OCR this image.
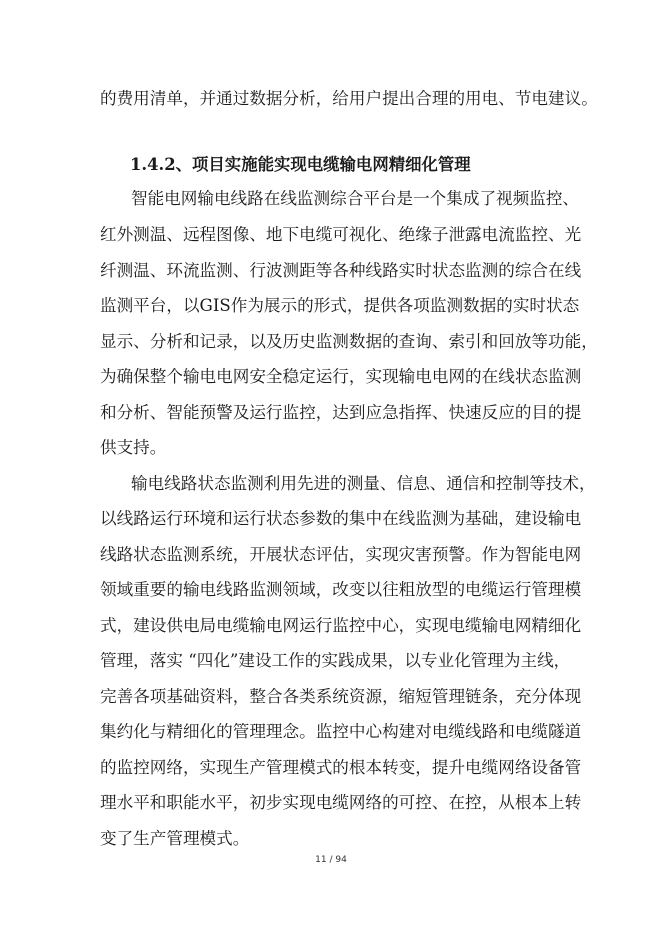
的费用清单，并通过数据分析，给用户提出合理的用电、节电建议。
1.4.2、项目实施能实现电缆输电网精细化管理
智能电网输电线路在线监测综合平台是一个集成了视频监控、
红外测温、远程图像、地下电缆可视化、绝缘子泄露电流监控、光
纤测温、环流监测、行波测距等各种线路实时状态监测的综合在线
监测平台，以GIS作为展示的形式，提供各项监测数据的实时状态
显示、分析和记录，以及历史监测数据的查询、索引和回放等功能，
为确保整个输电电网安全稳定运行，实现输电电网的在线状态监测
和分析、智能预警及运行监控，达到应急指挥、快速反应的目的提
供支持。
输电线路状态监测利用先进的测量、信息、通信和控制等技术，
以线路运行环境和运行状态参数的集中在线监测为基础，建设输电
线路状态监测系统，开展状态评估，实现灾害预警。作为智能电网
领域重要的输电线路监测领域，改变以往粗放型的电缆运行管理模
式，建设供电局电缆输电网运行监控中心，实现电缆输电网精细化
管理，落实 “四化”建设工作的实践成果，以专业化管理为主线，
完善各项基础资料，整合各类系统资源，缩短管理链条，充分体现
集约化与精细化的管理理念。监控中心构建对电缆线路和电缆隧道
的监控网络，实现生产管理模式的根本转变，提升电缆网络设备管
理水平和职能水平，初步实现电缆网络的可控、在控，从根本上转
变了生产管理模式。
11 / 94
